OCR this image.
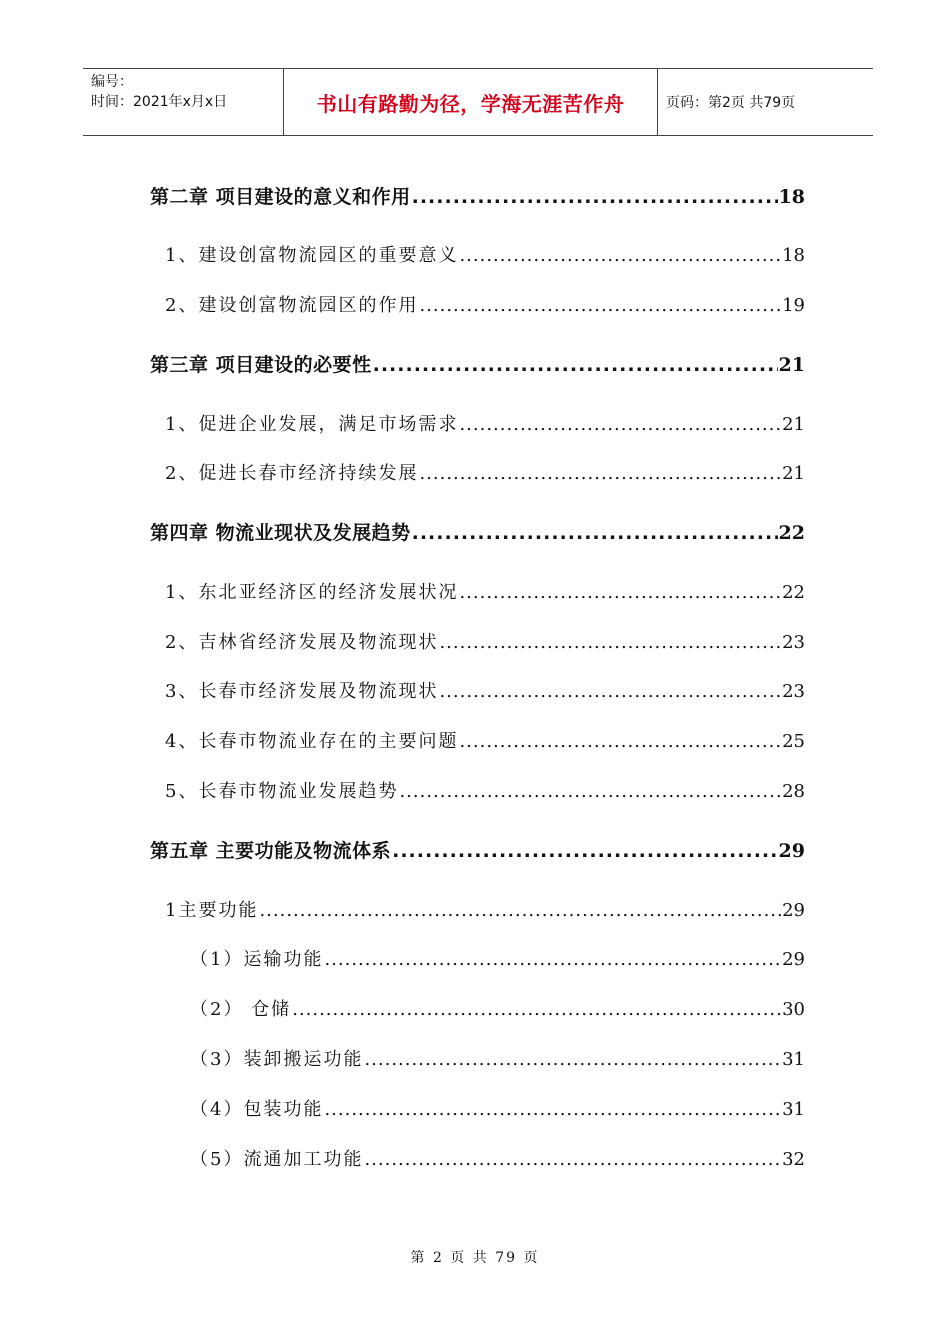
编号：
时间：2021年x月x日	书山有路勤为径，学海无涯苦作舟	页码：第2页 共79页
第二章 项目建设的意义和作用 .....	18
1、建设创富物流园区的重要意义 .....	18
2、建设创富物流园区的作用 .....	19
第三章 项目建设的必要性 .....	21
1、促进企业发展，满足市场需求 .....	21
2、促进长春市经济持续发展 .....	21
第四章 物流业现状及发展趋势 .....	22
1、东北亚经济区的经济发展状况 .....	22
2、吉林省经济发展及物流现状 .....	23
3、长春市经济发展及物流现状 .....	23
4、长春市物流业存在的主要问题 .....	25
5、长春市物流业发展趋势 .....	28
第五章 主要功能及物流体系 .....	29
1主要功能 .....	29
（1）运输功能 .....	29
（2） 仓储 .....	30
（3）装卸搬运功能 .....	31
（4）包装功能 .....	31
（5）流通加工功能 .....	32
第 2 页 共 79 页
